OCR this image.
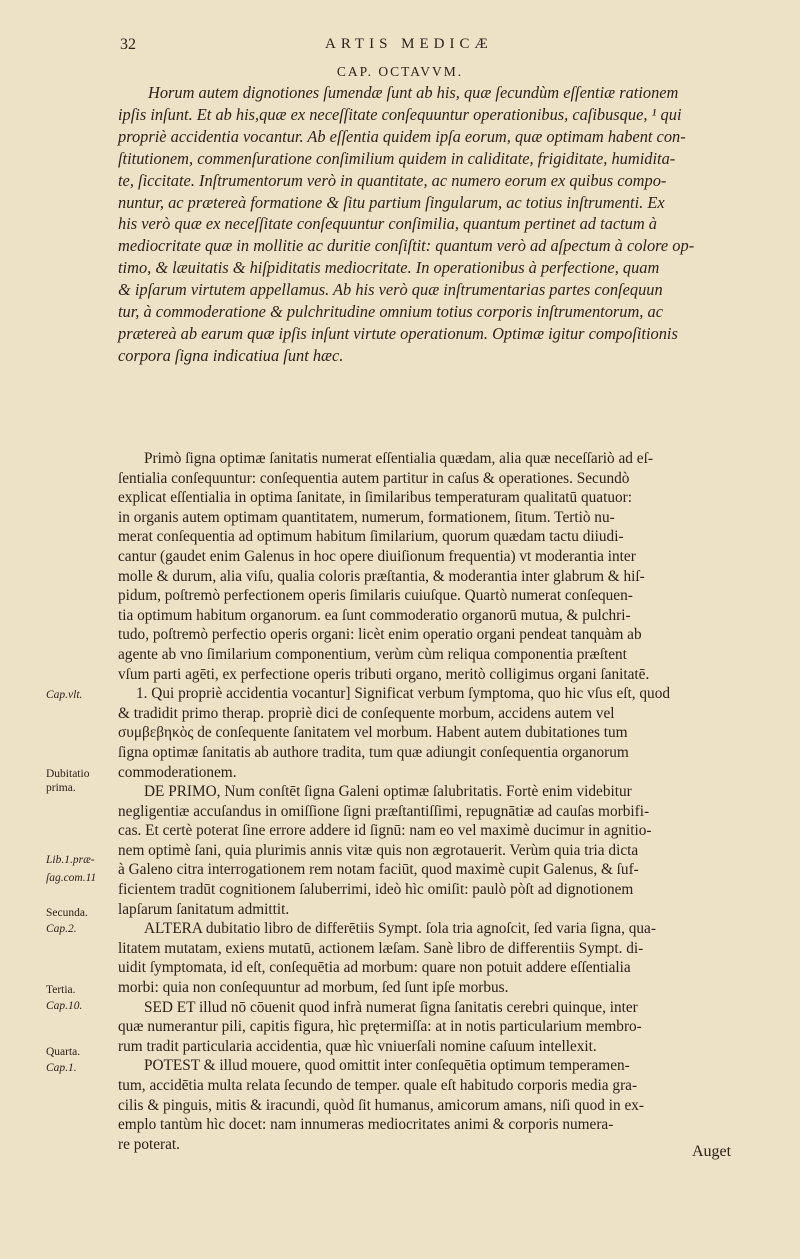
32	ARTIS MEDICÆ
CAP. OCTAVVM.
Horum autem dignotiones ſumendæ ſunt ab his, quæ ſecundùm eſſentiæ rationem
ipſis inſunt. Et ab his,quæ ex neceſſitate conſequuntur operationibus, caſibusque, ¹ qui
propriè accidentia vocantur. Ab eſſentia quidem ipſa eorum, quæ optimam habent con-
ſtitutionem, commenſuratione conſimilium quidem in caliditate, frigiditate, humidita-
te, ſiccitate. Inſtrumentorum verò in quantitate, ac numero eorum ex quibus compo-
nuntur, ac prætereà formatione & ſitu partium ſingularum, ac totius inſtrumenti. Ex
his verò quæ ex neceſſitate conſequuntur conſimilia, quantum pertinet ad tactum à
mediocritate quæ in mollitie ac duritie conſiſtit: quantum verò ad aſpectum à colore op-
timo, & læuitatis & hiſpiditatis mediocritate. In operationibus à perfectione, quam
& ipſarum virtutem appellamus. Ab his verò quæ inſtrumentarias partes conſequun
tur, à commoderatione & pulchritudine omnium totius corporis inſtrumentorum, ac
prætereà ab earum quæ ipſis inſunt virtute operationum. Optimæ igitur compoſitionis
corpora ſigna indicatiua ſunt hæc.
Primò ſigna optimæ ſanitatis numerat eſſentialia quædam, alia quæ neceſſariò ad eſ-
ſentialia conſequuntur: conſequentia autem partitur in caſus & operationes. Secundò
explicat eſſentialia in optima ſanitate, in ſimilaribus temperaturam qualitatū quatuor:
in organis autem optimam quantitatem, numerum, formationem, ſitum. Tertiò nu-
merat conſequentia ad optimum habitum ſimilarium, quorum quædam tactu diiudi-
cantur (gaudet enim Galenus in hoc opere diuiſionum frequentia) vt moderantia inter
molle & durum, alia viſu, qualia coloris præſtantia, & moderantia inter glabrum & hiſ-
pidum, poſtremò perfectionem operis ſimilaris cuiuſque. Quartò numerat conſequen-
tia optimum habitum organorum. ea ſunt commoderatio organorū mutua, & pulchri-
tudo, poſtremò perfectio operis organi: licèt enim operatio organi pendeat tanquàm ab
agente ab vno ſimilarium componentium, verùm cùm reliqua componentia præſtent
vſum parti agēti, ex perfectione operis tributi organo, meritò colligimus organi ſanitatē.
1. Qui propriè accidentia vocantur] Significat verbum ſymptoma, quo hic vſus eſt, quod
& tradidit primo therap. propriè dici de conſequente morbum, accidens autem vel
συμβεβηκὸς de conſequente ſanitatem vel morbum. Habent autem dubitationes tum
ſigna optimæ ſanitatis ab authore tradita, tum quæ adiungit conſequentia organorum
commoderationem.
DE PRIMO, Num conſtēt ſigna Galeni optimæ ſalubritatis. Fortè enim videbitur
negligentiæ accuſandus in omiſſione ſigni præſtantiſſimi, repugnātiæ ad cauſas morbifi-
cas. Et certè poterat ſine errore addere id ſignū: nam eo vel maximè ducimur in agnitio-
nem optimè ſani, quia plurimis annis vitæ quis non ægrotauerit. Verùm quia tria dicta
à Galeno citra interrogationem rem notam faciūt, quod maximè cupit Galenus, & ſuf-
ficientem tradūt cognitionem ſaluberrimi, ideò hìc omiſit: paulò pòſt ad dignotionem
lapſarum ſanitatum admittit.
ALTERA dubitatio libro de differētiis Sympt. ſola tria agnoſcit, ſed varia ſigna, qua-
litatem mutatam, exiens mutatū, actionem læſam. Sanè libro de differentiis Sympt. di-
uidit ſymptomata, id eſt, conſequētia ad morbum: quare non potuit addere eſſentialia
morbi: quia non conſequuntur ad morbum, ſed ſunt ipſe morbus.
SED ET illud nō cōuenit quod infrà numerat ſigna ſanitatis cerebri quinque, inter
quæ numerantur pili, capitis figura, hìc prętermiſſa: at in notis particularium membro-
rum tradit particularia accidentia, quæ hìc vniuerſali nomine caſuum intellexit.
POTEST & illud mouere, quod omittit inter conſequētia optimum temperamen-
tum, accidētia multa relata ſecundo de temper. quale eſt habitudo corporis media gra-
cilis & pinguis, mitis & iracundi, quòd ſit humanus, amicorum amans, niſi quod in ex-
emplo tantùm hìc docet: nam innumeras mediocritates animi & corporis numera-
re poterat.
Cap.vlt.
Dubitatio prima.
Lib.1.præ-
ſag.com.11
Secunda.
Cap.2.
Tertia.
Cap.10.
Quarta.
Cap.1.
Auget
